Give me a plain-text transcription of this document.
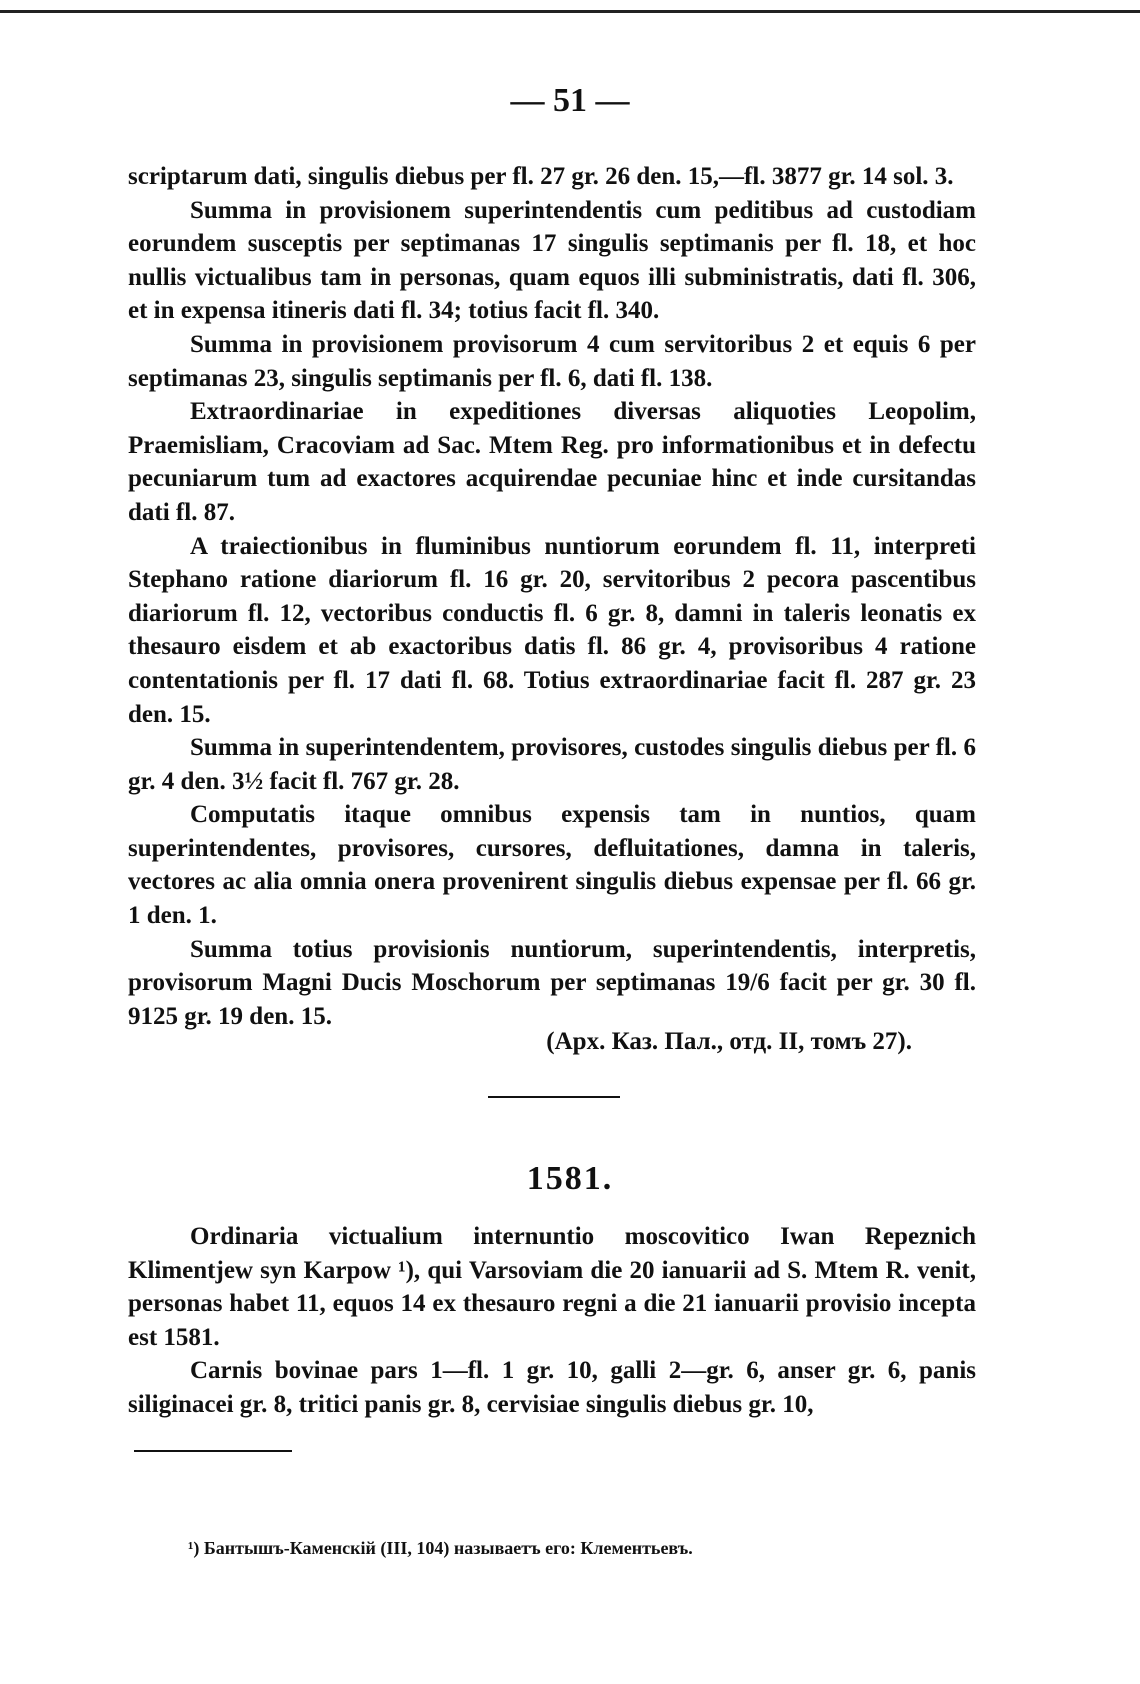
— 51 —

scriptarum dati, singulis diebus per fl. 27 gr. 26 den. 15,—fl. 3877 gr. 14 sol. 3.

Summa in provisionem superintendentis cum peditibus ad custodiam eorundem susceptis per septimanas 17 singulis septimanis per fl. 18, et hoc nullis victualibus tam in personas, quam equos illi subministratis, dati fl. 306, et in expensa itineris dati fl. 34; totius facit fl. 340.

Summa in provisionem provisorum 4 cum servitoribus 2 et equis 6 per septimanas 23, singulis septimanis per fl. 6, dati fl. 138.

Extraordinariae in expeditiones diversas aliquoties Leopolim, Praemisliam, Cracoviam ad Sac. Mtem Reg. pro informationibus et in defectu pecuniarum tum ad exactores acquirendae pecuniae hinc et inde cursitandas dati fl. 87.

A traiectionibus in fluminibus nuntiorum eorundem fl. 11, interpreti Stephano ratione diariorum fl. 16 gr. 20, servitoribus 2 pecora pascentibus diariorum fl. 12, vectoribus conductis fl. 6 gr. 8, damni in taleris leonatis ex thesauro eisdem et ab exactoribus datis fl. 86 gr. 4, provisoribus 4 ratione contentationis per fl. 17 dati fl. 68. Totius extraordinariae facit fl. 287 gr. 23 den. 15.

Summa in superintendentem, provisores, custodes singulis diebus per fl. 6 gr. 4 den. 3½ facit fl. 767 gr. 28.

Computatis itaque omnibus expensis tam in nuntios, quam superintendentes, provisores, cursores, defluitationes, damna in taleris, vectores ac alia omnia onera provenirent singulis diebus expensae per fl. 66 gr. 1 den. 1.

Summa totius provisionis nuntiorum, superintendentis, interpretis, provisorum Magni Ducis Moschorum per septimanas 19/6 facit per gr. 30 fl. 9125 gr. 19 den. 15.

(Арх. Каз. Пал., отд. II, томъ 27).
1581.

Ordinaria victualium internuntio moscovitico Iwan Repeznich Klimentjew syn Karpow ¹), qui Varsoviam die 20 ianuarii ad S. Mtem R. venit, personas habet 11, equos 14 ex thesauro regni a die 21 ianuarii provisio incepta est 1581.

Carnis bovinae pars 1—fl. 1 gr. 10, galli 2—gr. 6, anser gr. 6, panis siliginacei gr. 8, tritici panis gr. 8, cervisiae singulis diebus gr. 10,

¹) Бантышъ-Каменскій (III, 104) называетъ его: Клементьевъ.
